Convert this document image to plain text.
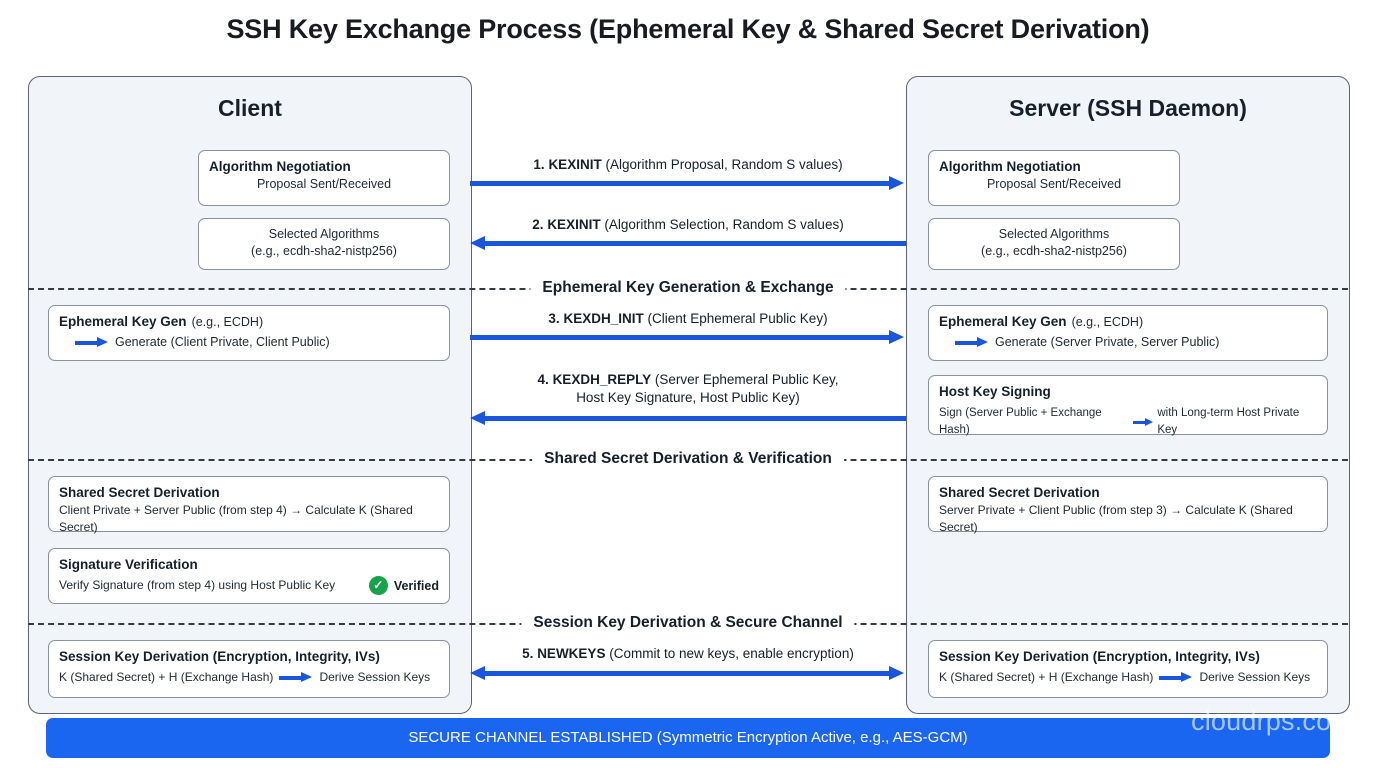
SSH Key Exchange Process (Ephemeral Key & Shared Secret Derivation)
Client	Server (SSH Daemon)
Ephemeral Key Generation & Exchange
Shared Secret Derivation & Verification
Session Key Derivation & Secure Channel
Algorithm Negotiation
Proposal Sent/Received
Selected Algorithms
(e.g., ecdh-sha2-nistp256)
Ephemeral Key Gen (e.g., ECDH)
Generate (Client Private, Client Public)
Shared Secret Derivation
Client Private + Server Public (from step 4) → Calculate K (Shared Secret)
Signature Verification
Verify Signature (from step 4) using Host Public Key	✓ Verified
Session Key Derivation (Encryption, Integrity, IVs)
K (Shared Secret) + H (Exchange Hash)	Derive Session Keys
Algorithm Negotiation
Proposal Sent/Received
Selected Algorithms
(e.g., ecdh-sha2-nistp256)
Ephemeral Key Gen (e.g., ECDH)
Generate (Server Private, Server Public)
Host Key Signing
Sign (Server Public + Exchange Hash)
with Long-term Host Private Key
Shared Secret Derivation
Server Private + Client Public (from step 3) → Calculate K (Shared Secret)
Session Key Derivation (Encryption, Integrity, IVs)
K (Shared Secret) + H (Exchange Hash)	Derive Session Keys
1. KEXINIT (Algorithm Proposal, Random S values)
2. KEXINIT (Algorithm Selection, Random S values)
3. KEXDH_INIT (Client Ephemeral Public Key)
4. KEXDH_REPLY (Server Ephemeral Public Key,
Host Key Signature, Host Public Key)
5. NEWKEYS (Commit to new keys, enable encryption)
SECURE CHANNEL ESTABLISHED (Symmetric Encryption Active, e.g., AES-GCM)
cloudrps.com
